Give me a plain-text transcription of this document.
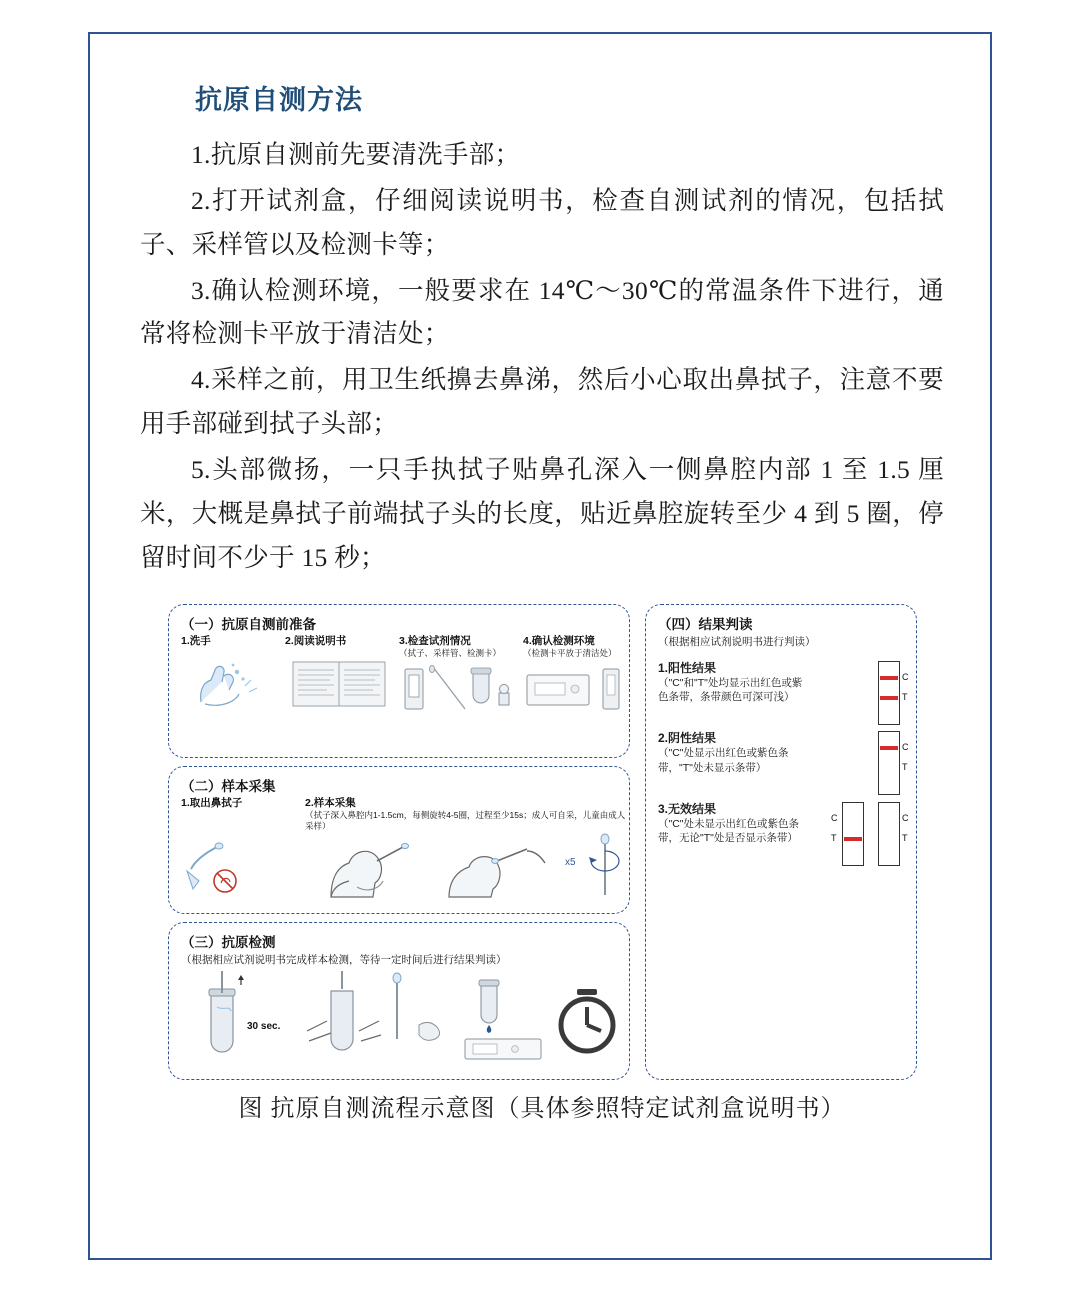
抗原自测方法

1.抗原自测前先要清洗手部；

2.打开试剂盒，仔细阅读说明书，检查自测试剂的情况，包括拭子、采样管以及检测卡等；

3.确认检测环境，一般要求在 14℃～30℃的常温条件下进行，通常将检测卡平放于清洁处；

4.采样之前，用卫生纸擤去鼻涕，然后小心取出鼻拭子，注意不要用手部碰到拭子头部；

5.头部微扬，一只手执拭子贴鼻孔深入一侧鼻腔内部 1 至 1.5 厘米，大概是鼻拭子前端拭子头的长度，贴近鼻腔旋转至少 4 到 5 圈，停留时间不少于 15 秒；

（一）抗原自测前准备
1.洗手	2.阅读说明书	3.检查试剂情况
（拭子、采样管、检测卡）
4.确认检测环境
（检测卡平放于清洁处）
（二）样本采集
1.取出鼻拭子	2.样本采集
（拭子深入鼻腔内1-1.5cm，每侧旋转4-5圈，过程至少15s；成人可自采，儿童由成人采样）
x5
（三）抗原检测
（根据相应试剂说明书完成样本检测，等待一定时间后进行结果判读）
30 sec.
（四）结果判读
（根据相应试剂说明书进行判读）
1.阳性结果
（"C"和"T"处均显示出红色或紫色条带，条带颜色可深可浅）
C
T
2.阴性结果
（"C"处显示出红色或紫色条带，"T"处未显示条带）
C
T
3.无效结果
（"C"处未显示出红色或紫色条带，无论"T"处是否显示条带）
C
T
C
T
图 抗原自测流程示意图（具体参照特定试剂盒说明书）
